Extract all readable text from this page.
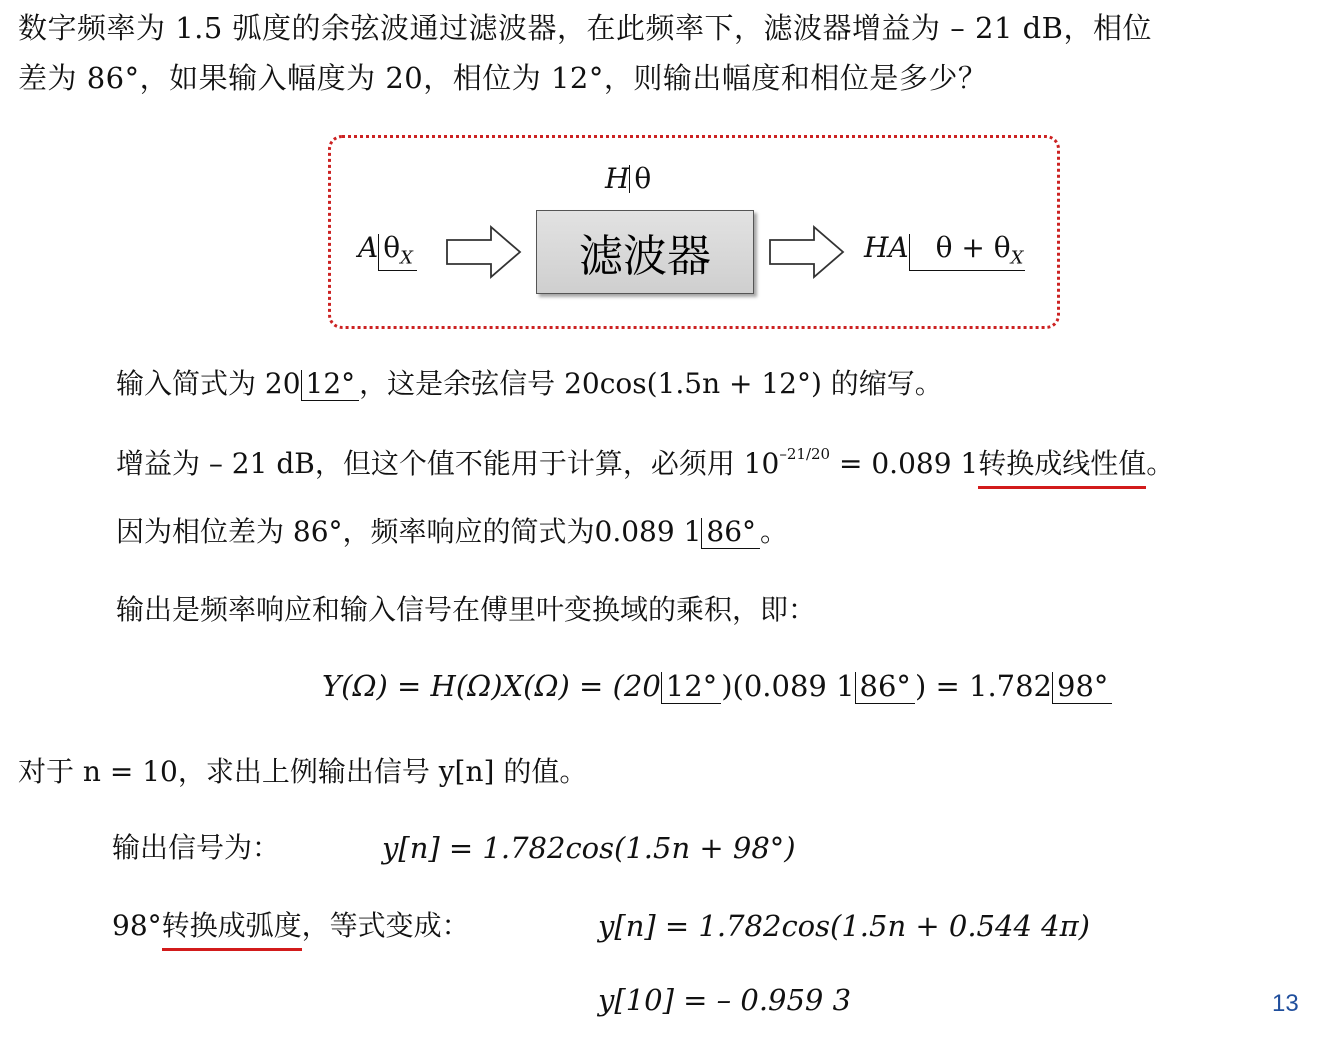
数字频率为 1.5 弧度的余弦波通过滤波器，在此频率下，滤波器增益为 – 21 dB，相位
差为 86°，如果输入幅度为 20，相位为 12°，则输出幅度和相位是多少？
H θ
A $\theta_X$	滤波器	HA $\theta + \theta_X$
输入简式为 20 12° ，这是余弦信号 20cos(1.5n + 12°) 的缩写。
增益为 – 21 dB，但这个值不能用于计算，必须用 $10^{-21/20} = 0.089$ 1转换成线性值。
因为相位差为 86°，频率响应的简式为0.089 1 86° 。
输出是频率响应和输入信号在傅里叶变换域的乘积，即：
Y(Ω) = H(Ω)X(Ω) = (20 12° )(0.089 1 86° ) = 1.782 98°
对于 n = 10，求出上例输出信号 y[n] 的值。
输出信号为：	y[n] = 1.782cos(1.5n + 98°)
98°转换成弧度，等式变成：	y[n] = 1.782cos(1.5n + 0.544 4π)
y[10] = – 0.959 3	13
